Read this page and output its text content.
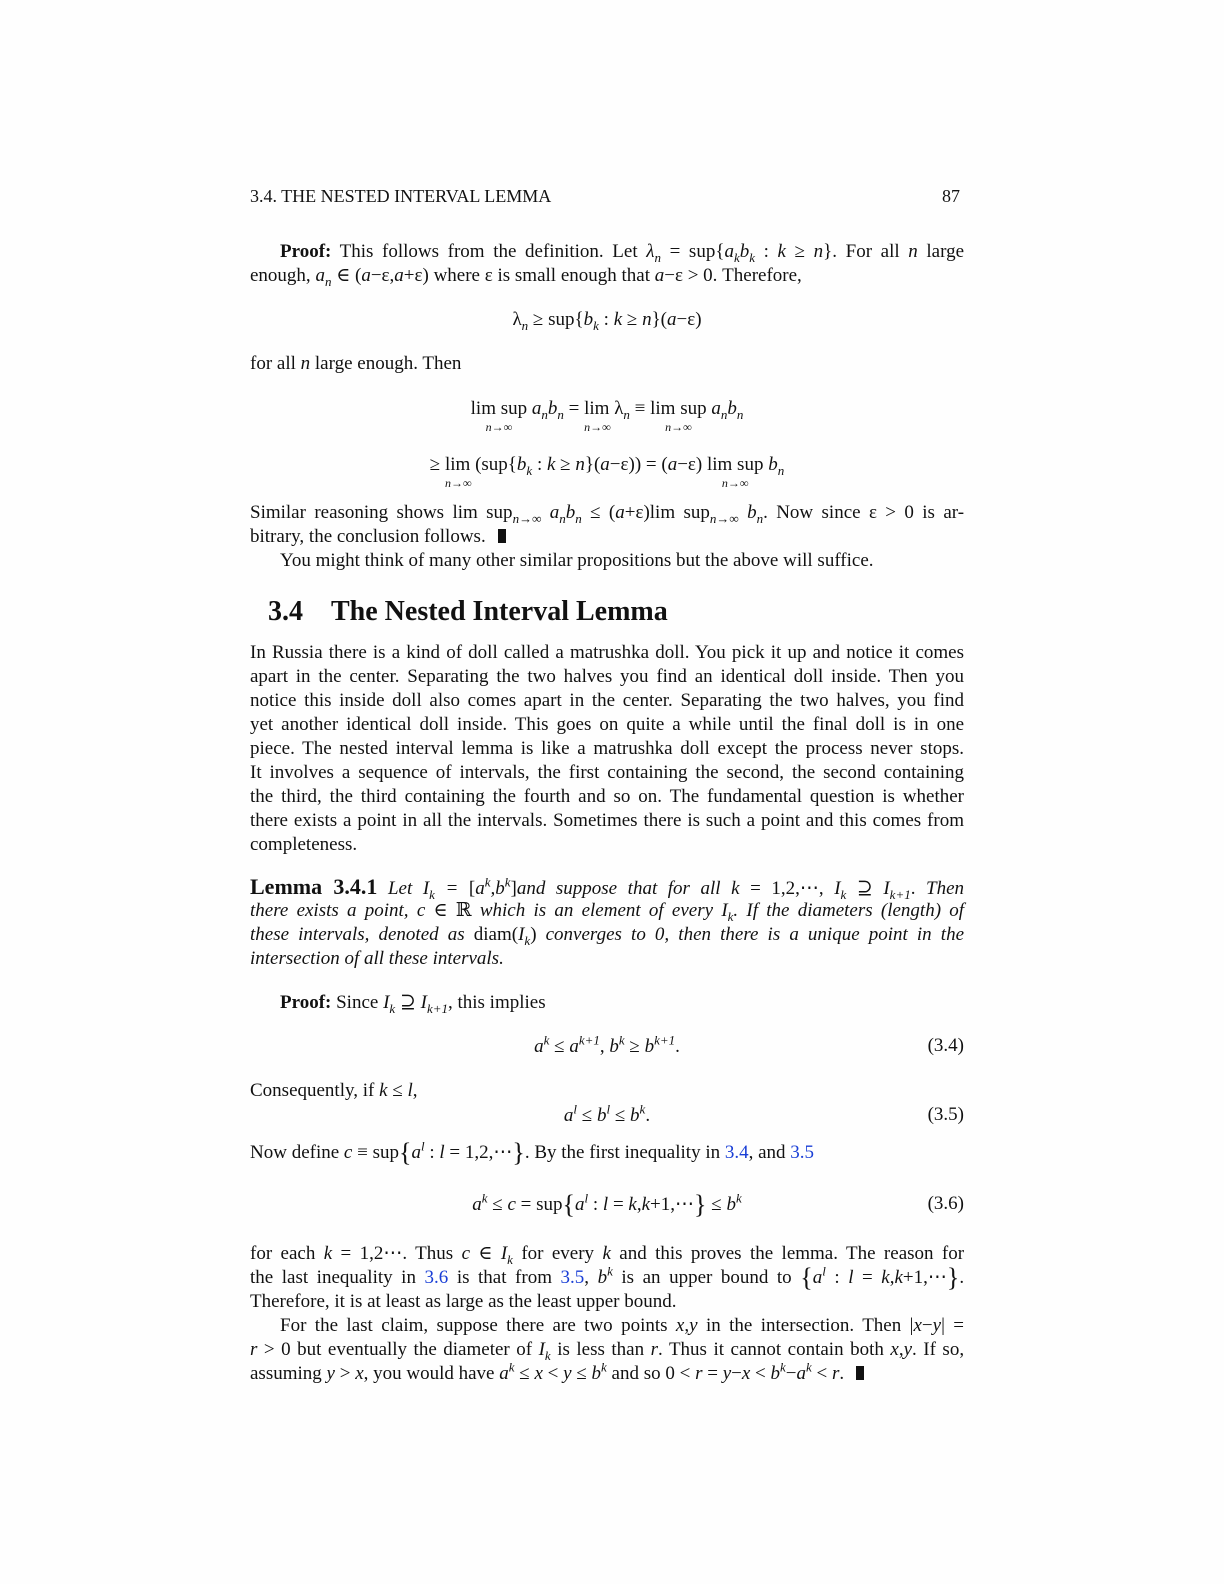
3.4. THE NESTED INTERVAL LEMMA	87
Proof: This follows from the definition. Let $\lambda_n = sup\{a_kb_k$ : k ≥ n}. For all n large
enough, $a_n$ ∈ (a−ε,a+ε) where ε is small enough that a−ε > 0. Therefore,
$\lambda_n \ge sup\{b_k$ : k ≥ n}(a−ε)
for all n large enough. Then
lim sup
n→∞
$a_nb_n = \lim$
n→∞
$\lambda_n \equiv \lim$ sup
n→∞
$a_nb_n$
≥ lim
n→∞
($sup\{b_k$ : k ≥ n}(a−ε)) = (a−ε) lim sup
n→∞
$b_n$
Similar reasoning shows lim sup$_{n\to\infty}$ $a_nb_n \le (a+\varepsilon)\lim$ sup$_{n\to\infty}$ $b_n$. Now since ε > 0 is ar-
bitrary, the conclusion follows.
You might think of many other similar propositions but the above will suffice.
3.4 The Nested Interval Lemma
In Russia there is a kind of doll called a matrushka doll. You pick it up and notice it comes
apart in the center. Separating the two halves you find an identical doll inside. Then you
notice this inside doll also comes apart in the center. Separating the two halves, you find
yet another identical doll inside. This goes on quite a while until the final doll is in one
piece. The nested interval lemma is like a matrushka doll except the process never stops.
It involves a sequence of intervals, the first containing the second, the second containing
the third, the third containing the fourth and so on. The fundamental question is whether
there exists a point in all the intervals. Sometimes there is such a point and this comes from
completeness.
Lemma 3.4.1 Let $I_k = [a^k,b^k]and$ suppose that for all k = 1,2,⋯, $I_k$ ⊇ $I_{k+1}$. Then
there exists a point, c ∈ ℝ which is an element of every $I_k$. If the diameters (length) of
these intervals, denoted as $diam(I_k)$ converges to 0, then there is a unique point in the
intersection of all these intervals.
Proof: Since $I_k$ ⊇ $I_{k+1}$, this implies
$a^k \le a^{k+1}$, $b^k \ge b^{k+1}$.	(3.4)
Consequently, if k ≤ l,
$a^l \le b^l \le b^k$.	(3.5)
Now define $c \equiv sup\{a^l$ : l = 1,2,⋯}. By the first inequality in 3.4, and 3.5
$a^k \le c = sup\{a^l$ : l = k,k+1,⋯} ≤ $b^k$	(3.6)
for each k = 1,2⋯. Thus c ∈ $I_k$ for every k and this proves the lemma. The reason for
the last inequality in 3.6 is that from 3.5, $b^k$ is an upper bound to {$a^l$ : l = k,k+1,⋯}.
Therefore, it is at least as large as the least upper bound.
For the last claim, suppose there are two points x,y in the intersection. Then |x−y| =
r > 0 but eventually the diameter of $I_k$ is less than r. Thus it cannot contain both x,y. If so,
assuming y > x, you would have $a^k \le x < y \le b^k$ and so $0 < r = y-x < b^k-a^k < r$.
